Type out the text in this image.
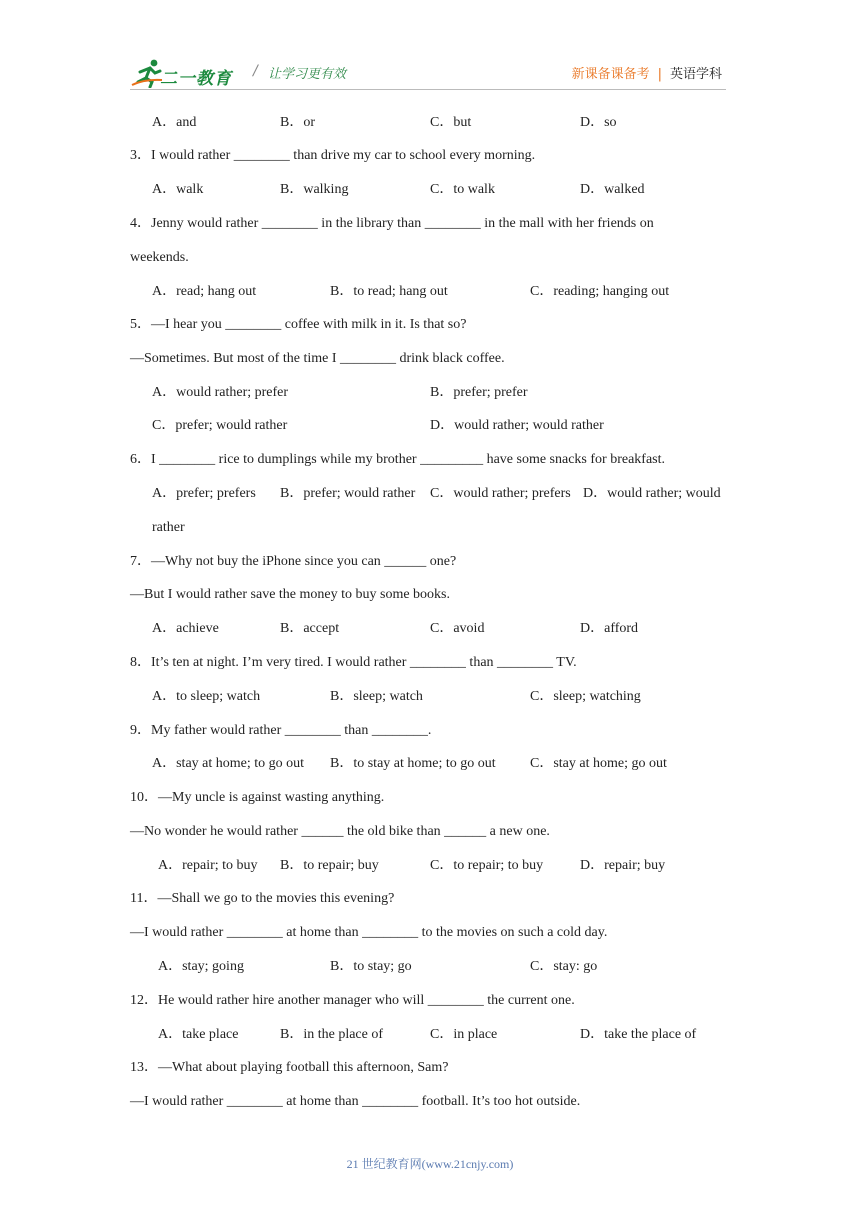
二一教育 / 让学习更有效	新课备课备考 | 英语学科
A．and	B．or	C．but	D．so
3．I would rather ________ than drive my car to school every morning.
A．walk	B．walking	C．to walk	D．walked
4．Jenny would rather ________ in the library than ________ in the mall with her friends on
weekends.
A．read; hang out	B．to read; hang out	C．reading; hanging out
5．—I hear you ________ coffee with milk in it. Is that so?
—Sometimes. But most of the time I ________ drink black coffee.
A．would rather; prefer	B．prefer; prefer
C．prefer; would rather	D．would rather; would rather
6．I ________ rice to dumplings while my brother _________ have some snacks for breakfast.
A．prefer; prefers B．prefer; would rather C．would rather; prefers D．would rather; would
rather
7．—Why not buy the iPhone since you can ______ one?
—But I would rather save the money to buy some books.
A．achieve	B．accept	C．avoid	D．afford
8．It’s ten at night. I’m very tired. I would rather ________ than ________ TV.
A．to sleep; watch	B．sleep; watch	C．sleep; watching
9．My father would rather ________ than ________.
A．stay at home; to go out B．to stay at home; to go out C．stay at home; go out
10．—My uncle is against wasting anything.
—No wonder he would rather ______ the old bike than ______ a new one.
A．repair; to buy B．to repair; buy	C．to repair; to buy	D．repair; buy
11．—Shall we go to the movies this evening?
—I would rather ________ at home than ________ to the movies on such a cold day.
A．stay; going	B．to stay; go	C．stay: go
12．He would rather hire another manager who will ________ the current one.
A．take place	B．in the place of	C．in place	D．take the place of
13．—What about playing football this afternoon, Sam?
—I would rather ________ at home than ________ football. It’s too hot outside.
21 世纪教育网(www.21cnjy.com)
